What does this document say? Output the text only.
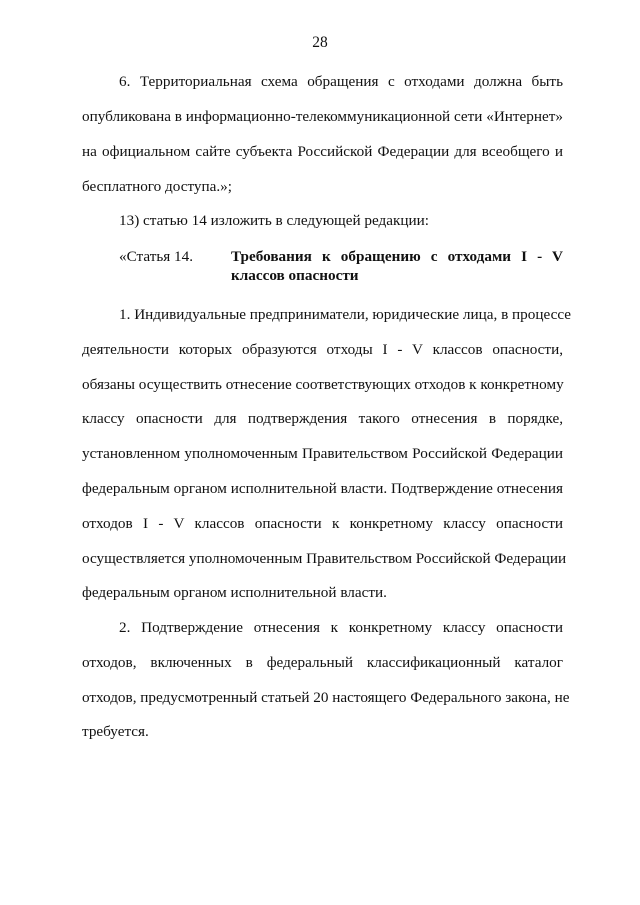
28
6. Территориальная схема обращения с отходами должна быть
опубликована в информационно-телекоммуникационной сети «Интернет»
на официальном сайте субъекта Российской Федерации для всеобщего и
бесплатного доступа.»;
13) статью 14 изложить в следующей редакции:
«Статья 14. Требования к обращению с отходами I - V
классов опасности
1. Индивидуальные предприниматели, юридические лица, в процессе
деятельности которых образуются отходы I - V классов опасности,
обязаны осуществить отнесение соответствующих отходов к конкретному
классу опасности для подтверждения такого отнесения в порядке,
установленном уполномоченным Правительством Российской Федерации
федеральным органом исполнительной власти. Подтверждение отнесения
отходов I - V классов опасности к конкретному классу опасности
осуществляется уполномоченным Правительством Российской Федерации
федеральным органом исполнительной власти.
2. Подтверждение отнесения к конкретному классу опасности
отходов, включенных в федеральный классификационный каталог
отходов, предусмотренный статьей 20 настоящего Федерального закона, не
требуется.
